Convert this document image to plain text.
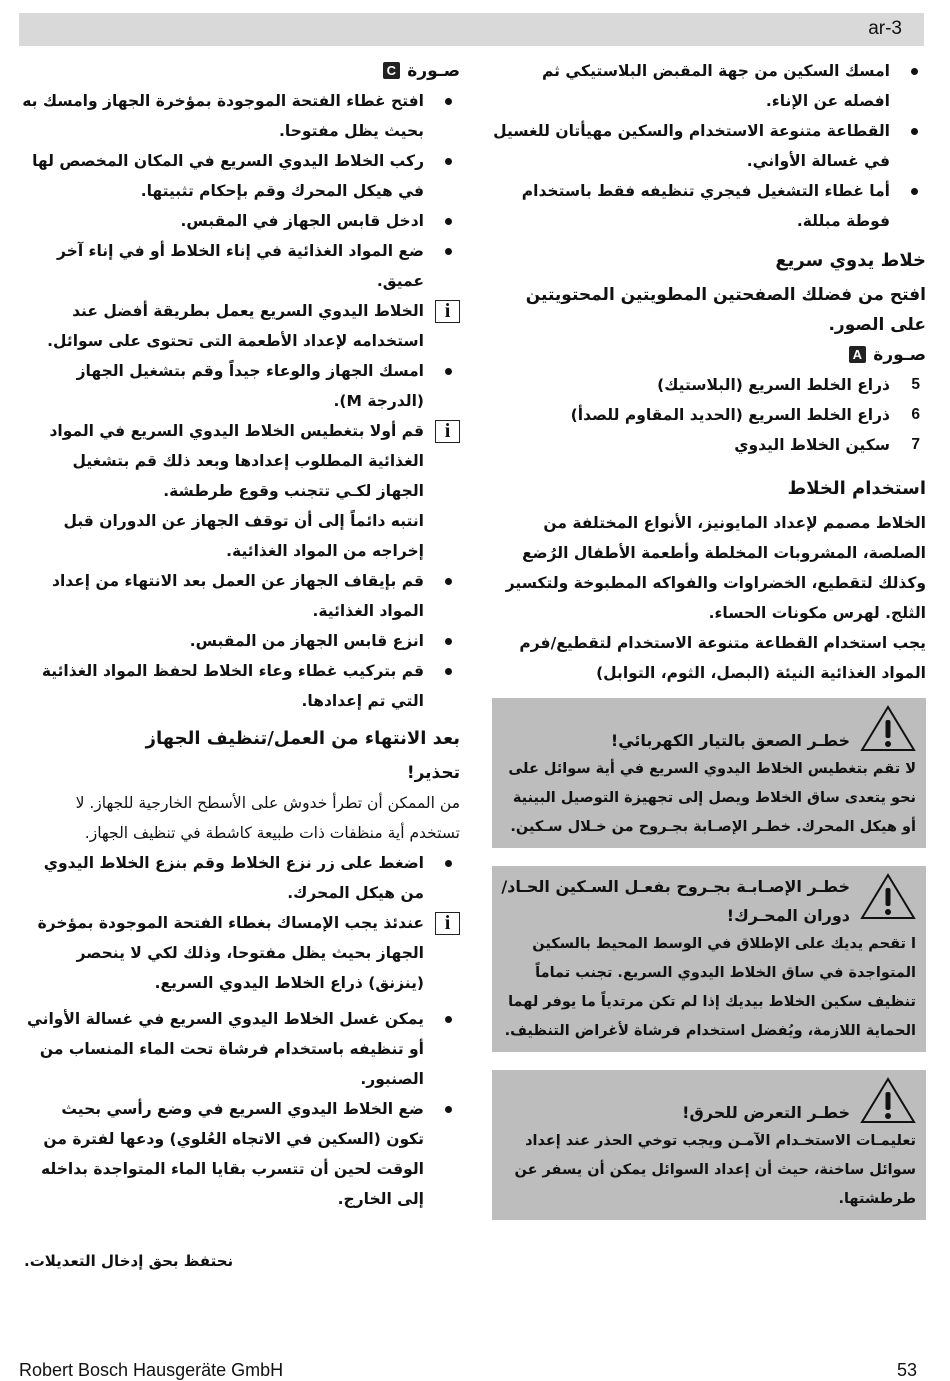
ar-3

امسك السكين من جهة المقبض البلاستيكي ثم افصله عن الإناء.

القطاعة متنوعة الاستخدام والسكين مهيأتان للغسيل في غسالة الأواني.

أما غطاء التشغيل فيجري تنظيفه فقط باستخدام فوطة مبللة.

خلاط يدوي سريع

افتح من فضلك الصفحتين المطويتين المحتويتين على الصور.

صـورة A
5
ذراع الخلط السريع (البلاستيك)
6
ذراع الخلط السريع (الحديد المقاوم للصدأ)
7
سكين الخلاط اليدوي
استخدام الخلاط

الخلاط مصمم لإعداد المايونيز، الأنواع المختلفة من الصلصة، المشروبات المخلطة وأطعمة الأطفال الرُضع وكذلك لتقطيع، الخضراوات والفواكه المطبوخة ولتكسير الثلج. لهرس مكونات الحساء.

يجب استخدام القطاعة متنوعة الاستخدام لتقطيع/فرم المواد الغذائية النيئة (البصل، الثوم، التوابل)

خطـر الصعق بالتيار الكهربائي!

لا تقم بتغطيس الخلاط اليدوي السريع في أية سوائل على نحو يتعدى ساق الخلاط ويصل إلى تجهيزة التوصيل البينية أو هيكل المحرك. خطـر الإصـابة بجـروح من خـلال سـكين.

خطـر الإصـابـة بجـروح بفعـل السـكين الحـاد/ دوران المحـرك!

ا تقحم يديك على الإطلاق في الوسط المحيط بالسكين المتواجدة في ساق الخلاط اليدوي السريع. تجنب تماماً تنظيف سكين الخلاط بيديك إذا لم تكن مرتدياً ما يوفر لهما الحماية اللازمة، ويُفضل استخدام فرشاة لأغراض التنظيف.

خطـر التعرض للحرق!

تعليمـات الاستخـدام الآمـن ويجب توخي الحذر عند إعداد سوائل ساخنة، حيث أن إعداد السوائل يمكن أن يسفر عن طرطشتها.

صـورة C

افتح غطاء الفتحة الموجودة بمؤخرة الجهاز وامسك به بحيث يظل مفتوحا.

ركب الخلاط اليدوي السريع في المكان المخصص لها في هيكل المحرك وقم بإحكام تثبيتها.

ادخل قابس الجهاز في المقبس.

ضع المواد الغذائية في إناء الخلاط أو في إناء آخر عميق.

i

الخلاط اليدوي السريع يعمل بطريقة أفضل عند استخدامه لإعداد الأطعمة التى تحتوى على سوائل.

امسك الجهاز والوعاء جيداً وقم بتشغيل الجهاز (الدرجة M).

i

قم أولا بتغطيس الخلاط اليدوي السريع في المواد الغذائية المطلوب إعدادها وبعد ذلك قم بتشغيل الجهاز لكـي تتجنب وقوع طرطشة.

انتبه دائماً إلى أن توقف الجهاز عن الدوران قبل إخراجه من المواد الغذائية.

قم بإيقاف الجهاز عن العمل بعد الانتهاء من إعداد المواد الغذائية.

انزع قابس الجهاز من المقبس.

قم بتركيب غطاء وعاء الخلاط لحفظ المواد الغذائية التي تم إعدادها.

بعد الانتهاء من العمل/تنظيف الجهاز
تحذير!

من الممكن أن تطرأ خدوش على الأسطح الخارجية للجهاز. لا تستخدم أية منظفات ذات طبيعة كاشطة في تنظيف الجهاز.

اضغط على زر نزع الخلاط وقم بنزع الخلاط اليدوي من هيكل المحرك.

i

عندئذ يجب الإمساك بغطاء الفتحة الموجودة بمؤخرة الجهاز بحيث يظل مفتوحا، وذلك لكي لا ينحصر (ينزنق) ذراع الخلاط اليدوي السريع.

يمكن غسل الخلاط اليدوي السريع في غسالة الأواني أو تنظيفه باستخدام فرشاة تحت الماء المنساب من الصنبور.

ضع الخلاط اليدوي السريع في وضع رأسي بحيث تكون (السكين في الاتجاه العُلوي) ودعها لفترة من الوقت لحين أن تتسرب بقايا الماء المتواجدة بداخله إلى الخارج.

نحتفظ بحق إدخال التعديلات.
Robert Bosch Hausgeräte GmbH	53
